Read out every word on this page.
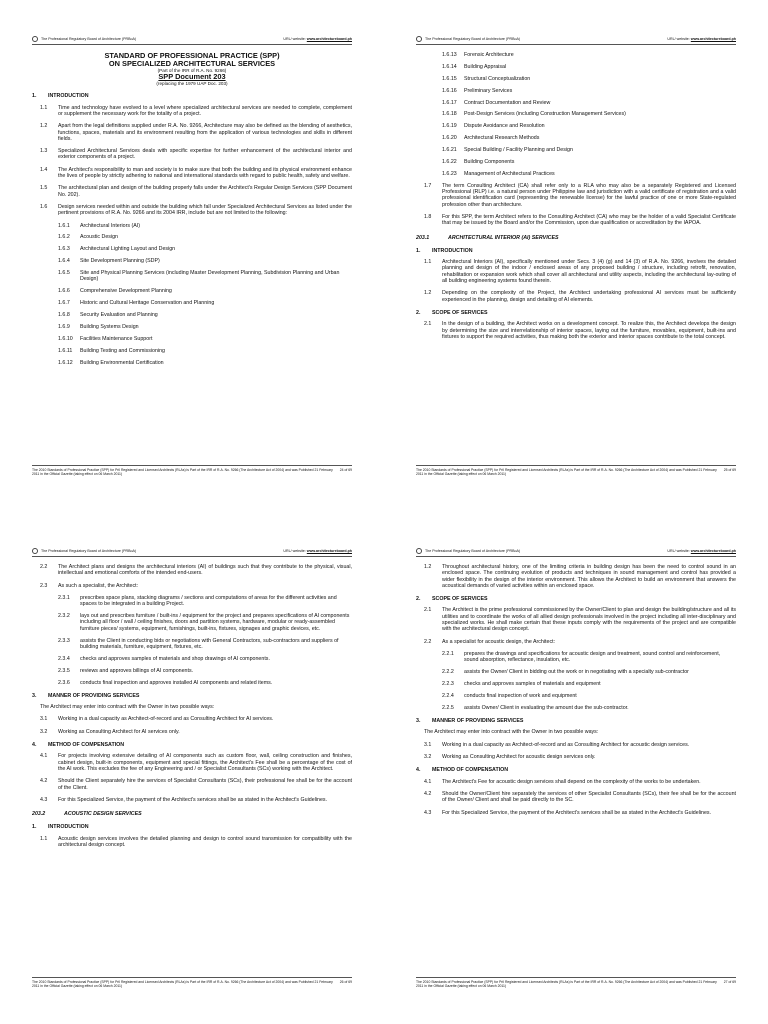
The Professional Regulatory Board of Architecture (PRBoA)	URL/ website: www.architectureboard.ph
STANDARD OF PROFESSIONAL PRACTICE (SPP)
ON SPECIALIZED ARCHITECTURAL SERVICES
(Part of the IRR of R.A. No. 9266)
SPP Document 203
(replacing the 1979 UAP Doc. 203)
1.	INTRODUCTION
1.1	Time and technology have evolved to a level where specialized architectural services are needed to complete, complement or supplement the necessary work for the totality of a project.
1.2	Apart from the legal definitions supplied under R.A. No. 9266, Architecture may also be defined as the blending of aesthetics, functions, spaces, materials and its environment resulting from the application of various technologies and skills in different fields.
1.3	Specialized Architectural Services deals with specific expertise for further enhancement of the architectural interior and exterior components of a project.
1.4	The Architect's responsibility to man and society is to make sure that both the building and its physical environment enhance the lives of people by strictly adhering to national and international standards with regard to public health, safety and welfare.
1.5	The architectural plan and design of the building properly falls under the Architect's Regular Design Services (SPP Document No. 202).
1.6	Design services needed within and outside the building which fall under Specialized Architectural Services as listed under the pertinent provisions of R.A. No. 9266 and its 2004 IRR, include but are not limited to the following:
1.6.1	Architectural Interiors (AI)
1.6.2	Acoustic Design
1.6.3	Architectural Lighting Layout and Design
1.6.4	Site Development Planning (SDP)
1.6.5	Site and Physical Planning Services (including Master Development Planning, Subdivision Planning and Urban Design)
1.6.6	Comprehensive Development Planning
1.6.7	Historic and Cultural Heritage Conservation and Planning
1.6.8	Security Evaluation and Planning
1.6.9	Building Systems Design
1.6.10	Facilities Maintenance Support
1.6.11	Building Testing and Commissioning
1.6.12	Building Environmental Certification
24 of 69
The 2010 Standards of Professional Practice (SPP) for Pril Registered and Licensed Architects (RLAs) is Part of the IRR of R.A. No. 9266 (The Architecture Act of 2004) and was Published 21 February 2011 in the Official Gazette (taking effect on 06 March 2011)
The Professional Regulatory Board of Architecture (PRBoA)	URL/ website: www.architectureboard.ph
1.6.13	Forensic Architecture
1.6.14	Building Appraisal
1.6.15	Structural Conceptualization
1.6.16	Preliminary Services
1.6.17	Contract Documentation and Review
1.6.18	Post-Design Services (including Construction Management Services)
1.6.19	Dispute Avoidance and Resolution
1.6.20	Architectural Research Methods
1.6.21	Special Building / Facility Planning and Design
1.6.22	Building Components
1.6.23	Management of Architectural Practices
1.7	The term Consulting Architect (CA) shall refer only to a RLA who may also be a separately Registered and Licensed Professional (RLP) i.e. a natural person under Philippine law and jurisdiction with a valid certificate of registration and a valid professional identification card (representing the renewable license) for the lawful practice of one or more State-regulated profession other than architecture.
1.8	For this SPP, the term Architect refers to the Consulting Architect (CA) who may be the holder of a valid Specialist Certificate that may be issued by the Board and/or the Commission, upon due qualification or accreditation by the IAPOA.
203.1	ARCHITECTURAL INTERIOR (AI) SERVICES
1.	INTRODUCTION
1.1	Architectural Interiors (AI), specifically mentioned under Secs. 3 (4) (g) and 14 (3) of R.A. No. 9266, involves the detailed planning and design of the indoor / enclosed areas of any proposed building / structure, including retrofit, renovation, rehabilitation or expansion work which shall cover all architectural and utility aspects, including the architectural lay-outing of all building engineering systems found therein.
1.2	Depending on the complexity of the Project, the Architect undertaking professional AI services must be sufficiently experienced in the planning, design and detailing of AI elements.
2.	SCOPE OF SERVICES
2.1	In the design of a building, the Architect works on a development concept. To realize this, the Architect develops the design by determining the size and interrelationship of interior spaces, laying out the furniture, movables, equipment, built-ins and fixtures to support the required activities, thus making both the exterior and interior spaces contribute to the total concept.
25 of 69
The 2010 Standards of Professional Practice (SPP) for Pril Registered and Licensed Architects (RLAs) is Part of the IRR of R.A. No. 9266 (The Architecture Act of 2004) and was Published 21 February 2011 in the Official Gazette (taking effect on 06 March 2011)
The Professional Regulatory Board of Architecture (PRBoA)	URL/ website: www.architectureboard.ph
2.2	The Architect plans and designs the architectural interiors (AI) of buildings such that they contribute to the physical, visual, intellectual and emotional comforts of the intended end-users.
2.3	As such a specialist, the Architect:
2.3.1	prescribes space plans, stacking diagrams / sections and computations of areas for the different activities and spaces to be integrated in a building Project.
2.3.2	lays out and prescribes furniture / built-ins / equipment for the project and prepares specifications of AI components including all floor / wall / ceiling finishes, doors and partition systems, hardware, modular or ready-assembled furniture pieces/ systems, equipment, furnishings, built-ins, fixtures, signages and graphic devices, etc.
2.3.3	assists the Client in conducting bids or negotiations with General Contractors, sub-contractors and suppliers of building materials, furniture, equipment, fixtures, etc.
2.3.4	checks and approves samples of materials and shop drawings of AI components.
2.3.5	reviews and approves billings of AI components.
2.3.6	conducts final inspection and approves installed AI components and related items.
3.	MANNER OF PROVIDING SERVICES
The Architect may enter into contract with the Owner in two possible ways:
3.1	Working in a dual capacity as Architect-of-record and as Consulting Architect for AI services.
3.2	Working as Consulting Architect for AI services only.
4.	METHOD OF COMPENSATION
4.1	For projects involving extensive detailing of AI components such as custom floor, wall, ceiling construction and finishes, cabinet design, built-in components, equipment and special fittings, the Architect's Fee shall be a percentage of the cost of the AI work. This excludes the fee of any Engineering and / or Specialist Consultants (SCs) working with the Architect.
4.2	Should the Client separately hire the services of Specialist Consultants (SCs), their professional fee shall be for the account of the Client.
4.3	For this Specialized Service, the payment of the Architect's services shall be as stated in the Architect's Guidelines.
203.2	ACOUSTIC DESIGN SERVICES
1.	INTRODUCTION
1.1	Acoustic design services involves the detailed planning and design to control sound transmission for compatibility with the architectural design concept.
26 of 69
The 2010 Standards of Professional Practice (SPP) for Pril Registered and Licensed Architects (RLAs) is Part of the IRR of R.A. No. 9266 (The Architecture Act of 2004) and was Published 21 February 2011 in the Official Gazette (taking effect on 06 March 2011)
The Professional Regulatory Board of Architecture (PRBoA)	URL/ website: www.architectureboard.ph
1.2	Throughout architectural history, one of the limiting criteria in building design has been the need to control sound in an enclosed space. The continuing evolution of products and techniques in sound management and control has provided a wider flexibility in the design of the interior environment. This allows the Architect to build an environment that answers the acoustical demands of varied activities within an enclosed space.
2.	SCOPE OF SERVICES
2.1	The Architect is the prime professional commissioned by the Owner/Client to plan and design the building/structure and all its utilities and to coordinate the works of all allied design professionals involved in the project including all inter-disciplinary and specialized works. He shall make certain that these inputs comply with the requirements of the project and are compatible with the architectural design concept.
2.2	As a specialist for acoustic design, the Architect:
2.2.1	prepares the drawings and specifications for acoustic design and treatment, sound control and reinforcement, sound absorption, reflectance, insulation, etc.
2.2.2	assists the Owner/ Client in bidding out the work or in negotiating with a specialty sub-contractor
2.2.3	checks and approves samples of materials and equipment
2.2.4	conducts final inspection of work and equipment
2.2.5	assists Owner/ Client in evaluating the amount due the sub-contractor.
3.	MANNER OF PROVIDING SERVICES
The Architect may enter into contract with the Owner in two possible ways:
3.1	Working in a dual capacity as Architect-of-record and as Consulting Architect for acoustic design services.
3.2	Working as Consulting Architect for acoustic design services only.
4.	METHOD OF COMPENSATION
4.1	The Architect's Fee for acoustic design services shall depend on the complexity of the works to be undertaken.
4.2	Should the Owner/Client hire separately the services of other Specialist Consultants (SCs), their fee shall be for the account of the Owner/ Client and shall be paid directly to the SC.
4.3	For this Specialized Service, the payment of the Architect's services shall be as stated in the Architect's Guidelines.
27 of 69
The 2010 Standards of Professional Practice (SPP) for Pril Registered and Licensed Architects (RLAs) is Part of the IRR of R.A. No. 9266 (The Architecture Act of 2004) and was Published 21 February 2011 in the Official Gazette (taking effect on 06 March 2011)
